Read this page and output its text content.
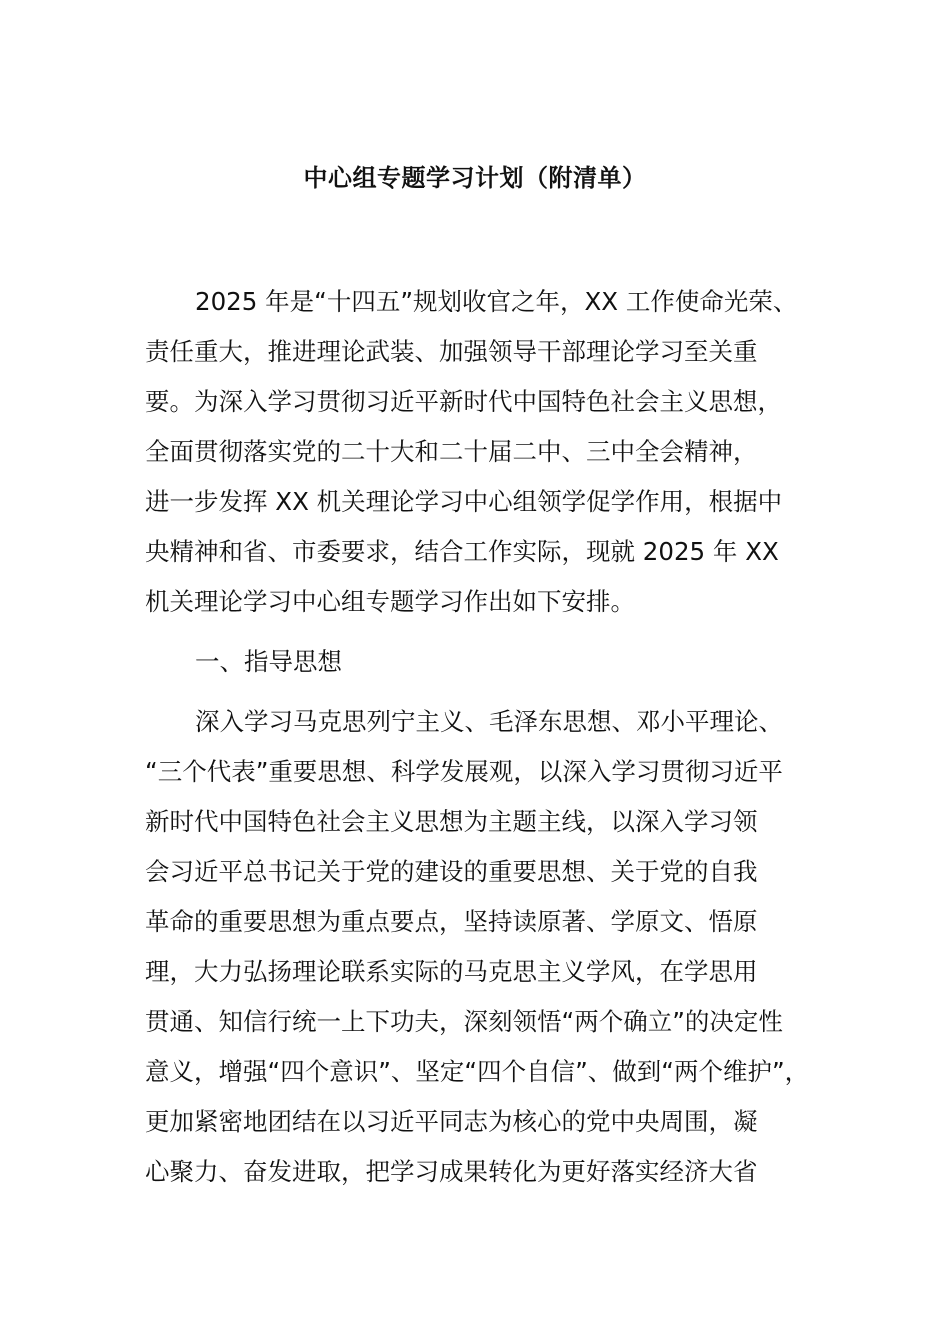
中心组专题学习计划（附清单）
2025 年是“十四五”规划收官之年，XX 工作使命光荣、
责任重大，推进理论武装、加强领导干部理论学习至关重
要。为深入学习贯彻习近平新时代中国特色社会主义思想，
全面贯彻落实党的二十大和二十届二中、三中全会精神，
进一步发挥 XX 机关理论学习中心组领学促学作用，根据中
央精神和省、市委要求，结合工作实际，现就 2025 年 XX
机关理论学习中心组专题学习作出如下安排。
一、指导思想
深入学习马克思列宁主义、毛泽东思想、邓小平理论、
“三个代表”重要思想、科学发展观，以深入学习贯彻习近平
新时代中国特色社会主义思想为主题主线，以深入学习领
会习近平总书记关于党的建设的重要思想、关于党的自我
革命的重要思想为重点要点，坚持读原著、学原文、悟原
理，大力弘扬理论联系实际的马克思主义学风，在学思用
贯通、知信行统一上下功夫，深刻领悟“两个确立”的决定性
意义，增强“四个意识”、坚定“四个自信”、做到“两个维护”，
更加紧密地团结在以习近平同志为核心的党中央周围，凝
心聚力、奋发进取，把学习成果转化为更好落实经济大省
